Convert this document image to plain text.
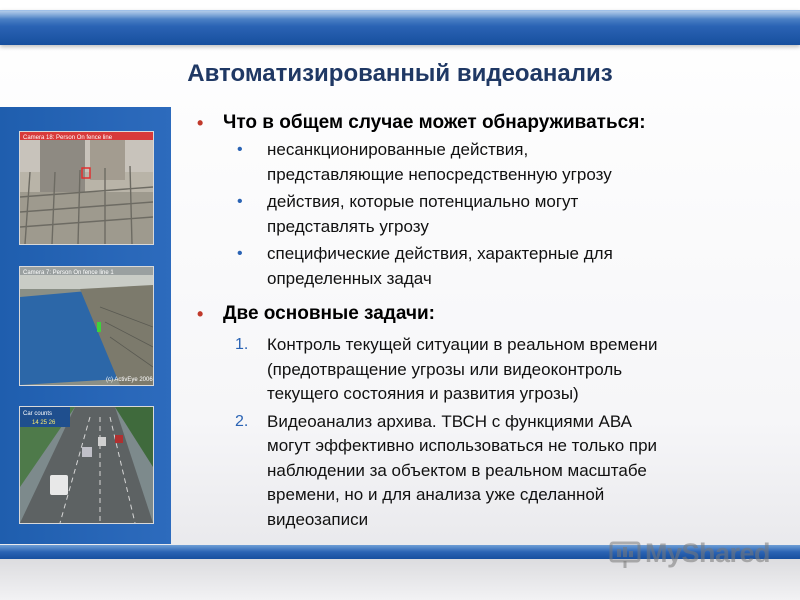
Автоматизированный видеоанализ
Camera 18: Person On fence line
Camera 7: Person On fence line 1
(c) ActivEye 2006
Car counts
14 25 26
• Что в общем случае может обнаруживаться:
• несанкционированные действия,
представляющие непосредственную угрозу
• действия, которые потенциально могут
представлять угрозу
• специфические действия, характерные для
определенных задач
• Две основные задачи:
1. Контроль текущей ситуации в реальном времени
(предотвращение угрозы или видеоконтроль
текущего состояния и развития угрозы)
2. Видеоанализ архива. ТВСН с функциями АВА
могут эффективно использоваться не только при
наблюдении за объектом в реальном масштабе
времени, но и для анализа уже сделанной
видеозаписи
MyShared
